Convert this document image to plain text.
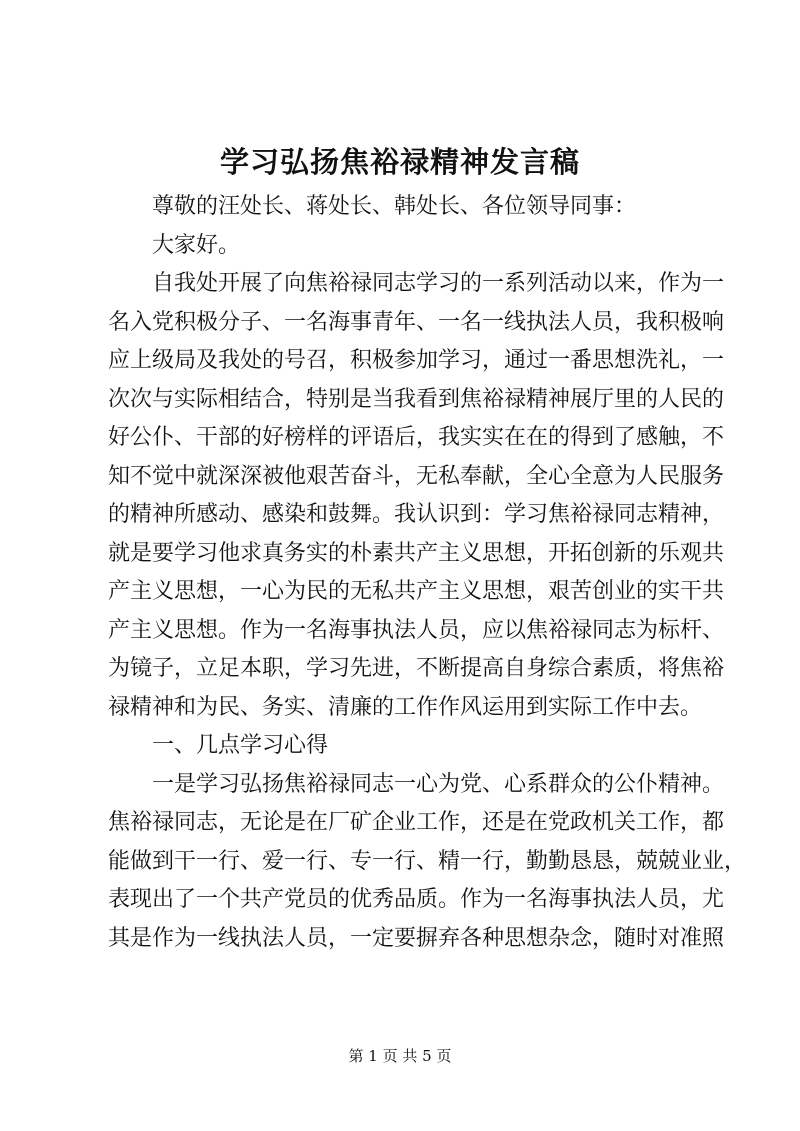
学习弘扬焦裕禄精神发言稿
尊敬的汪处长、蒋处长、韩处长、各位领导同事：
大家好。
自我处开展了向焦裕禄同志学习的一系列活动以来，作为一
名入党积极分子、一名海事青年、一名一线执法人员，我积极响
应上级局及我处的号召，积极参加学习，通过一番思想洗礼，一
次次与实际相结合，特别是当我看到焦裕禄精神展厅里的人民的
好公仆、干部的好榜样的评语后，我实实在在的得到了感触，不
知不觉中就深深被他艰苦奋斗，无私奉献，全心全意为人民服务
的精神所感动、感染和鼓舞。我认识到：学习焦裕禄同志精神，
就是要学习他求真务实的朴素共产主义思想，开拓创新的乐观共
产主义思想，一心为民的无私共产主义思想，艰苦创业的实干共
产主义思想。作为一名海事执法人员，应以焦裕禄同志为标杆、
为镜子，立足本职，学习先进，不断提高自身综合素质，将焦裕
禄精神和为民、务实、清廉的工作作风运用到实际工作中去。
一、几点学习心得
一是学习弘扬焦裕禄同志一心为党、心系群众的公仆精神。
焦裕禄同志，无论是在厂矿企业工作，还是在党政机关工作，都
能做到干一行、爱一行、专一行、精一行，勤勤恳恳，兢兢业业，
表现出了一个共产党员的优秀品质。作为一名海事执法人员，尤
其是作为一线执法人员，一定要摒弃各种思想杂念，随时对准照
第 1 页 共 5 页
